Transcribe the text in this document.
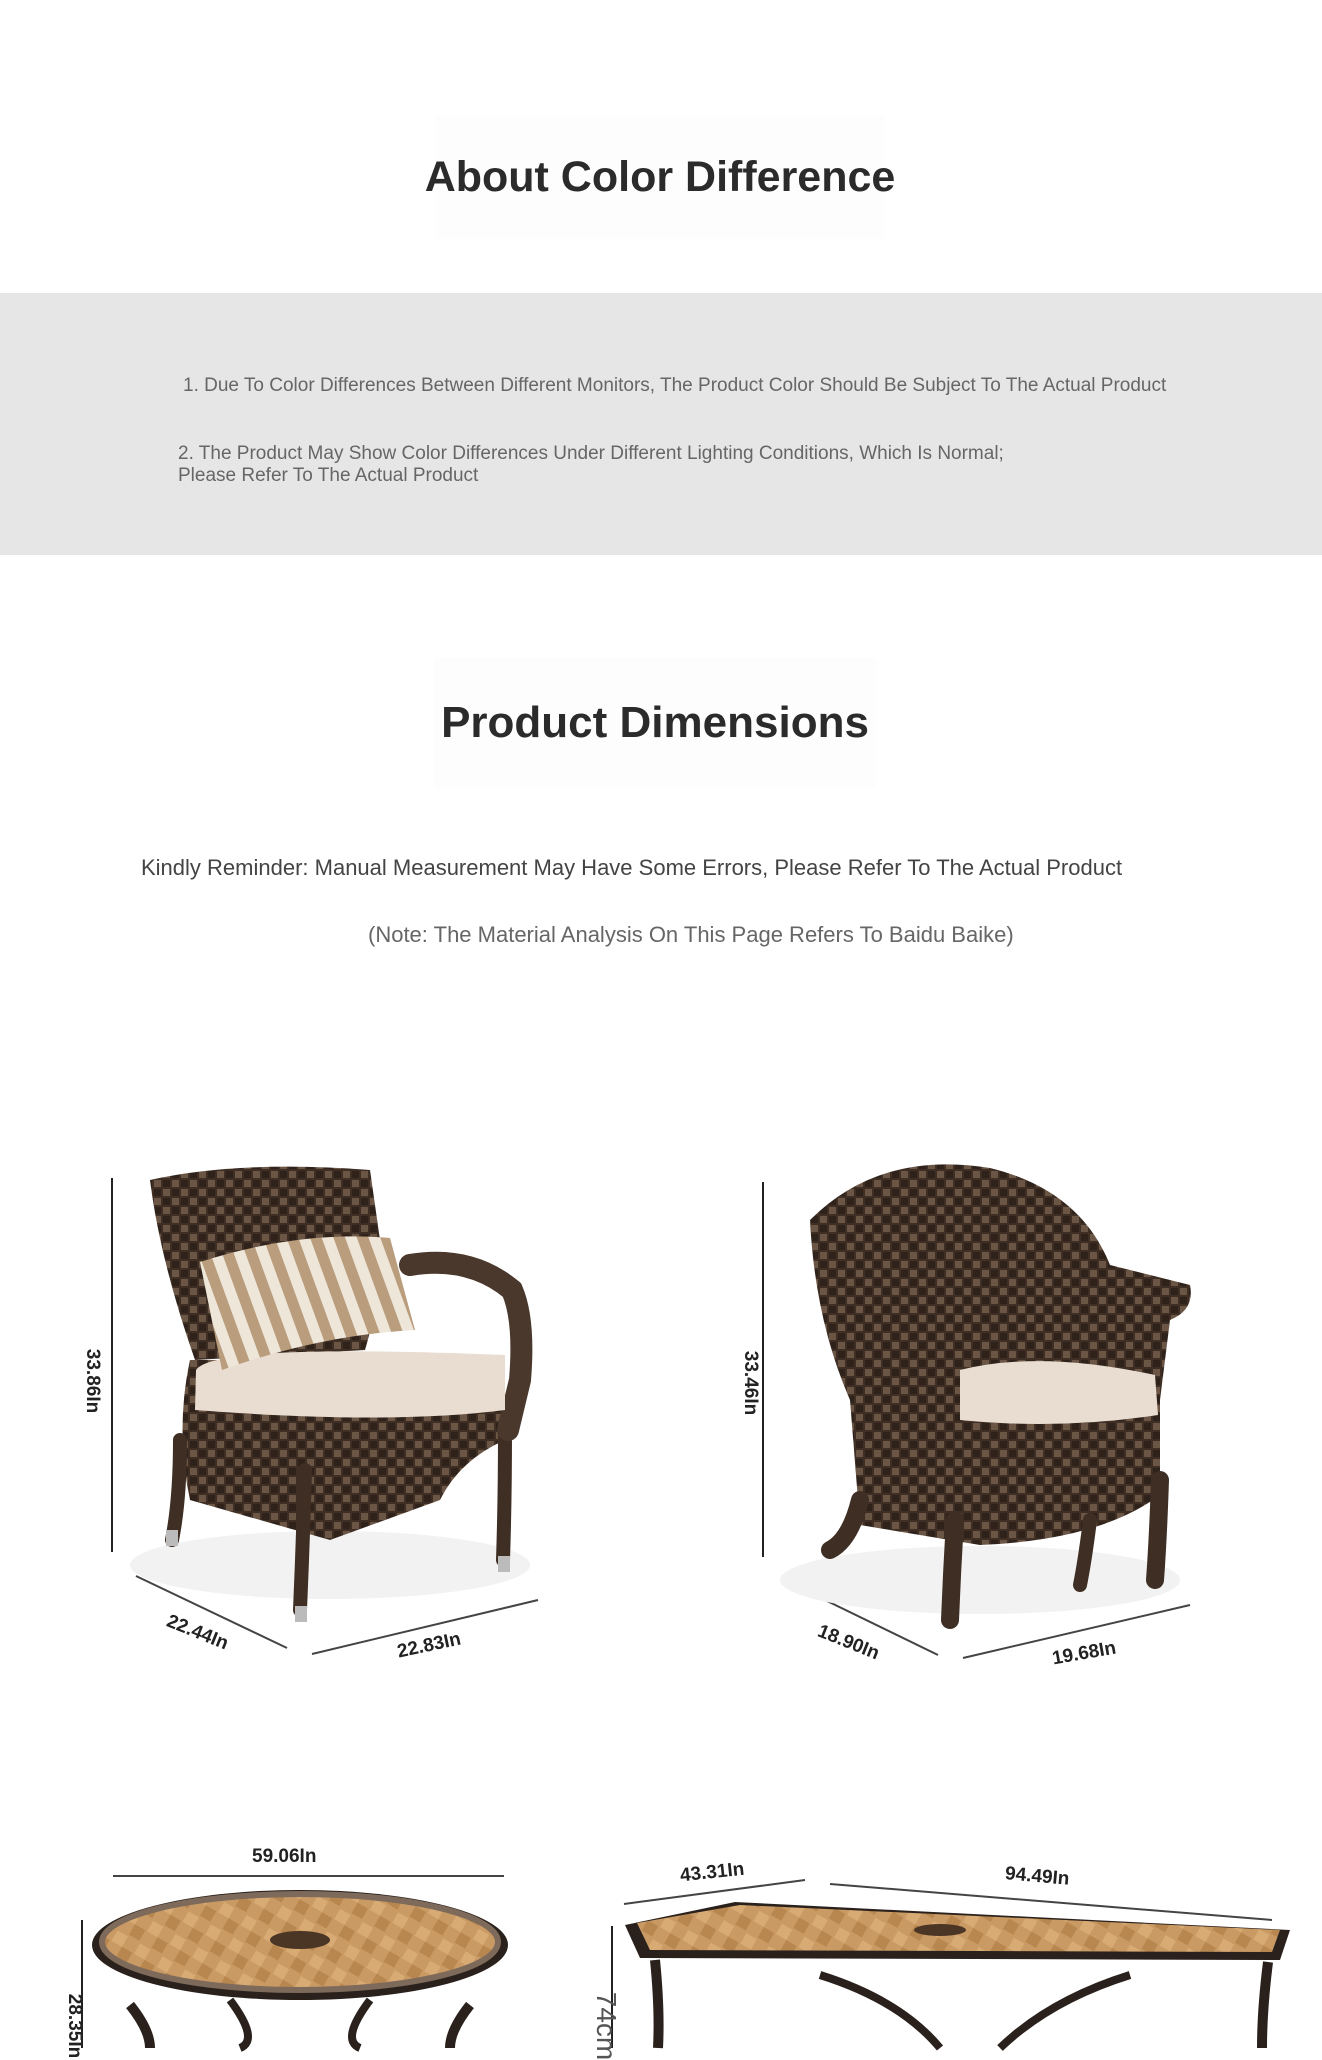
About Color Difference
1. Due To Color Differences Between Different Monitors, The Product Color Should Be Subject To The Actual Product
2. The Product May Show Color Differences Under Different Lighting Conditions, Which Is Normal;
Please Refer To The Actual Product
Product Dimensions
Kindly Reminder: Manual Measurement May Have Some Errors, Please Refer To The Actual Product
(Note: The Material Analysis On This Page Refers To Baidu Baike)
33.86In
22.44In	22.83In
33.46In
18.90In	19.68In
59.06In
28.35In
43.31In	94.49In
74cm
